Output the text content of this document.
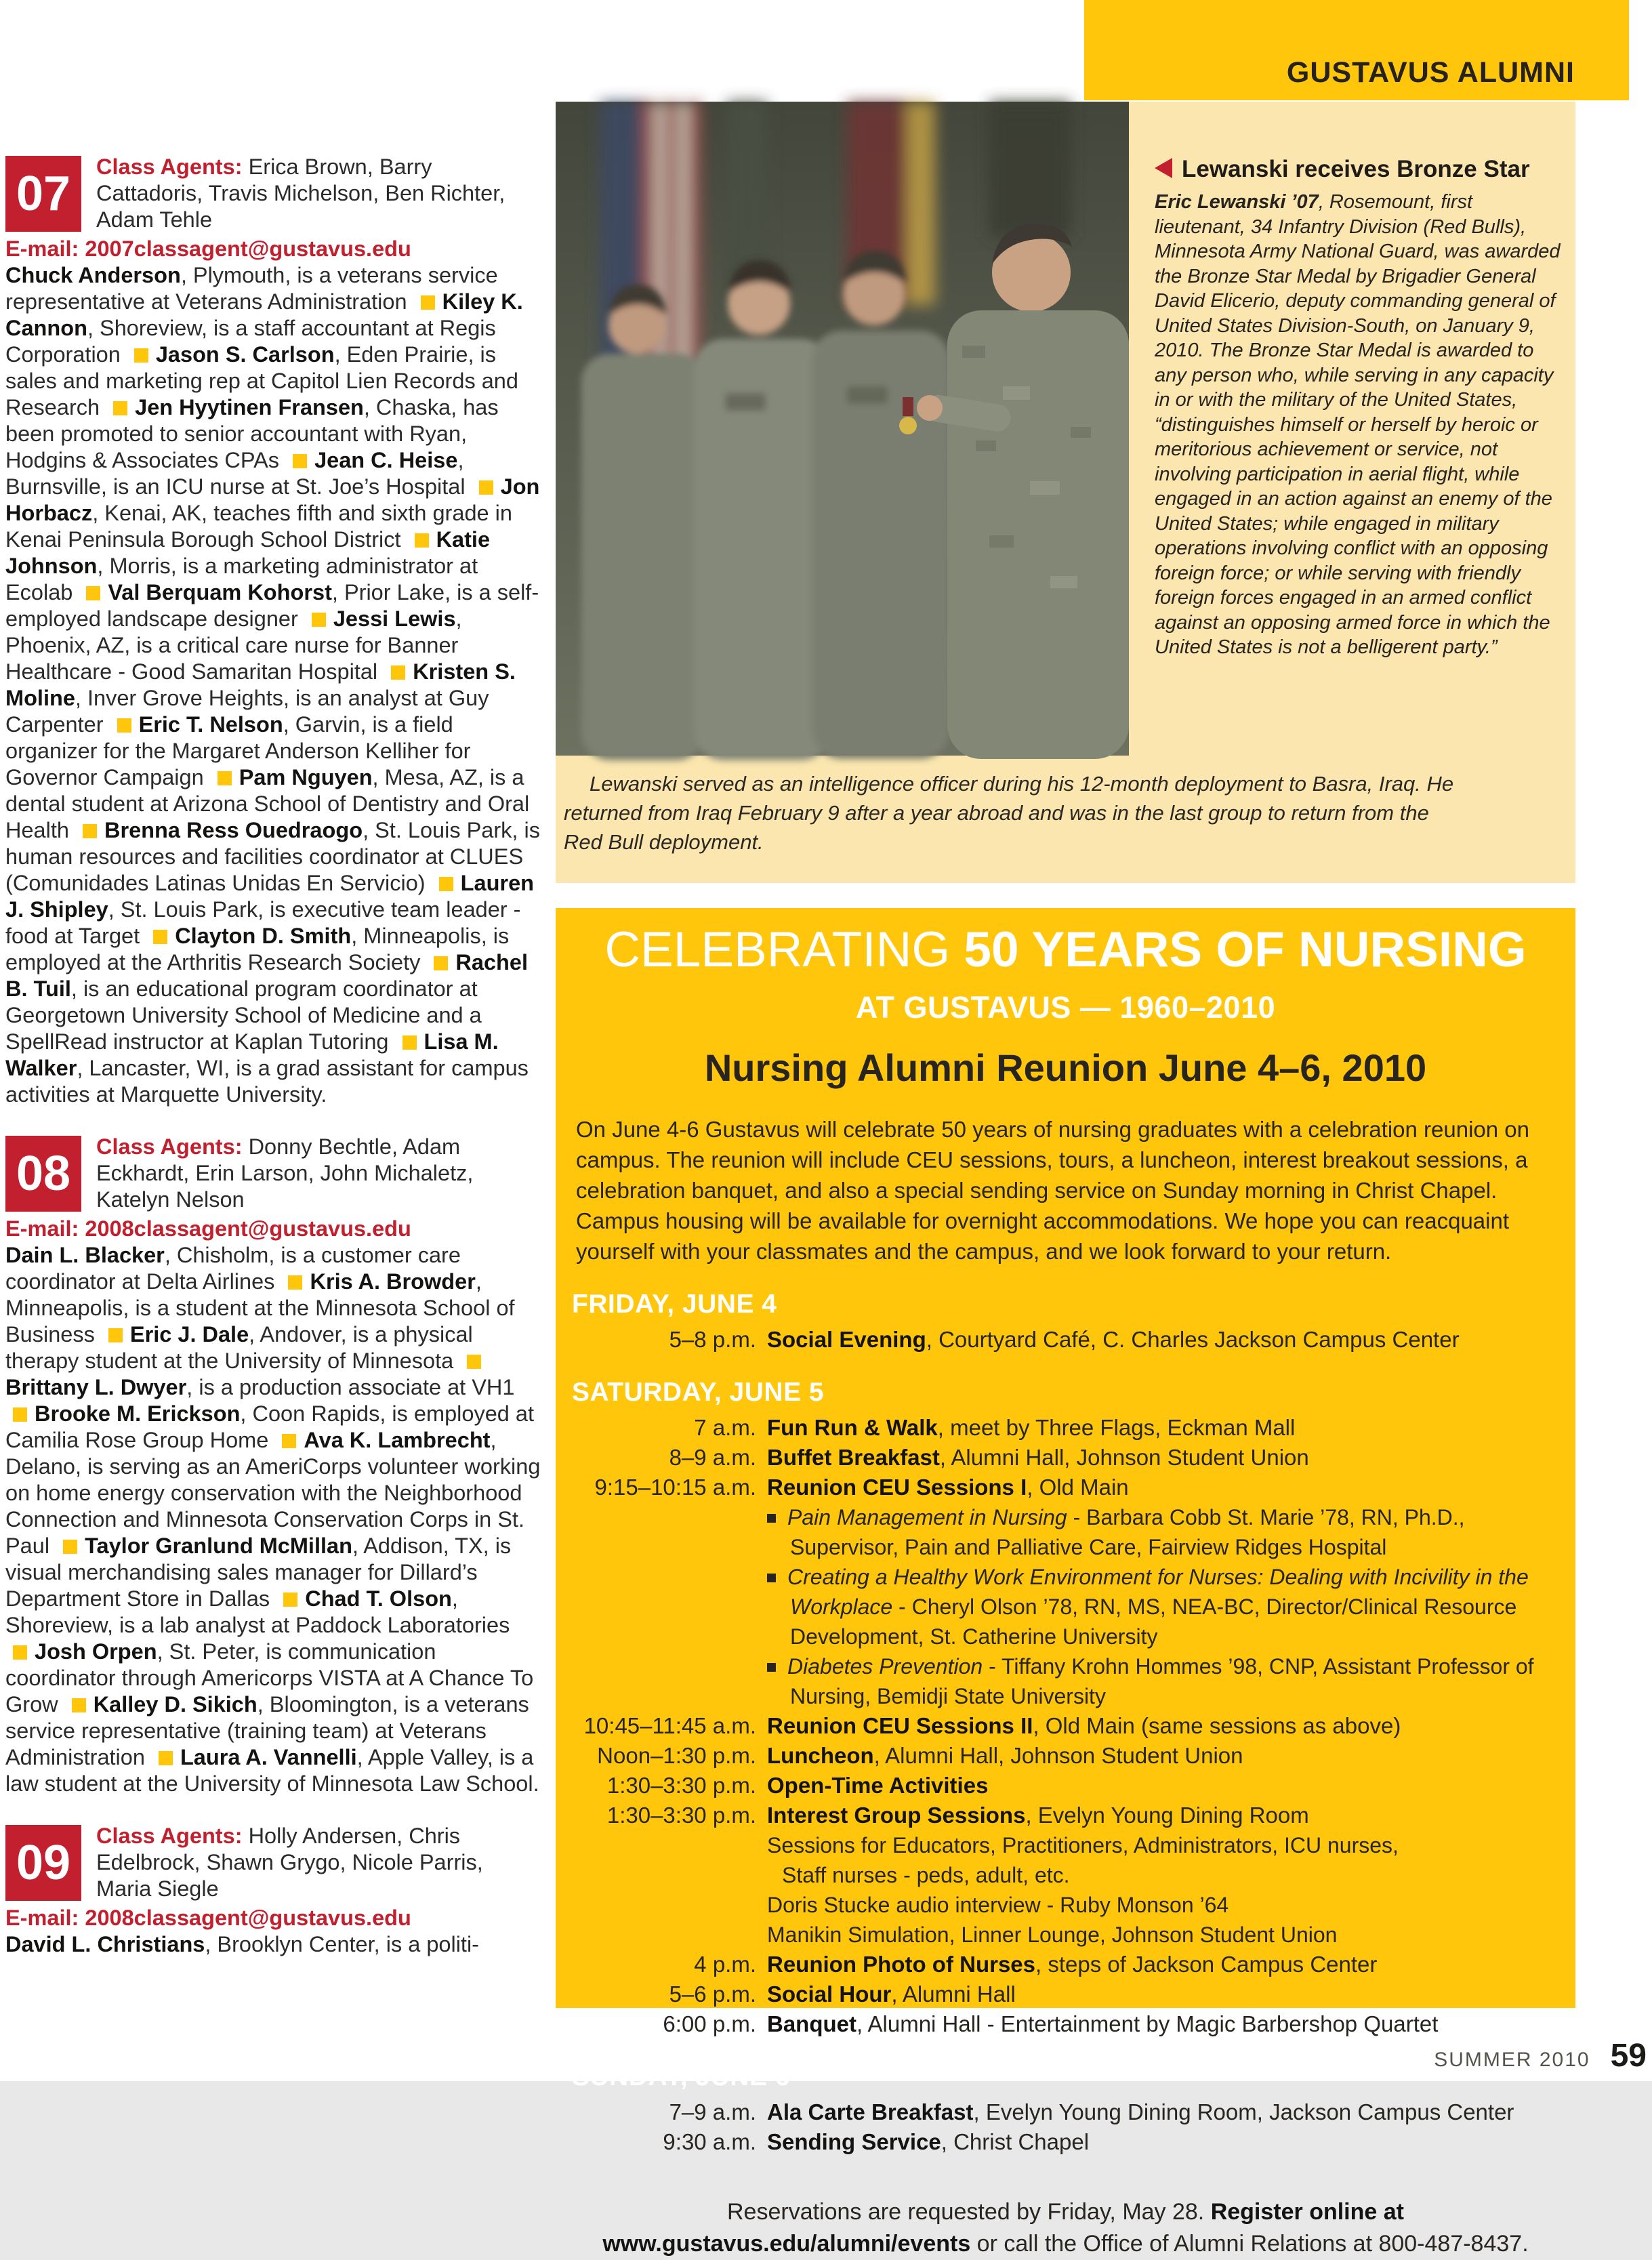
GUSTAVUS ALUMNI
07	Class Agents: Erica Brown, Barry Cattadoris, Travis Michelson, Ben Richter, Adam Tehle

E-mail: 2007classagent@gustavus.edu

Chuck Anderson, Plymouth, is a veterans service representative at Veterans Administration Kiley K. Cannon, Shoreview, is a staff accountant at Regis Corporation Jason S. Carlson, Eden Prairie, is sales and marketing rep at Capitol Lien Records and Research Jen Hyytinen Fransen, Chaska, has been promoted to senior accountant with Ryan, Hodgins & Associates CPAs Jean C. Heise, Burnsville, is an ICU nurse at St. Joe’s Hospital Jon Horbacz, Kenai, AK, teaches fifth and sixth grade in Kenai Peninsula Borough School District Katie Johnson, Morris, is a marketing administrator at Ecolab Val Berquam Kohorst, Prior Lake, is a self-employed landscape designer Jessi Lewis, Phoenix, AZ, is a critical care nurse for Banner Healthcare - Good Samaritan Hospital Kristen S. Moline, Inver Grove Heights, is an analyst at Guy Carpenter Eric T. Nelson, Garvin, is a field organizer for the Margaret Anderson Kelliher for Governor Campaign Pam Nguyen, Mesa, AZ, is a dental student at Arizona School of Dentistry and Oral Health Brenna Ress Ouedraogo, St. Louis Park, is human resources and facilities coordinator at CLUES (Comunidades Latinas Unidas En Servicio) Lauren J. Shipley, St. Louis Park, is executive team leader - food at Target Clayton D. Smith, Minneapolis, is employed at the Arthritis Research Society Rachel B. Tuil, is an educational program coordinator at Georgetown University School of Medicine and a SpellRead instructor at Kaplan Tutoring Lisa M. Walker, Lancaster, WI, is a grad assistant for campus activities at Marquette University.

08	Class Agents: Donny Bechtle, Adam Eckhardt, Erin Larson, John Michaletz, Katelyn Nelson

E-mail: 2008classagent@gustavus.edu

Dain L. Blacker, Chisholm, is a customer care coordinator at Delta Airlines Kris A. Browder, Minneapolis, is a student at the Minnesota School of Business Eric J. Dale, Andover, is a physical therapy student at the University of Minnesota Brittany L. Dwyer, is a production associate at VH1 Brooke M. Erickson, Coon Rapids, is employed at Camilia Rose Group Home Ava K. Lambrecht, Delano, is serving as an AmeriCorps volunteer working on home energy conservation with the Neighborhood Connection and Minnesota Conservation Corps in St. Paul Taylor Granlund McMillan, Addison, TX, is visual merchandising sales manager for Dillard’s Department Store in Dallas Chad T. Olson, Shoreview, is a lab analyst at Paddock Laboratories Josh Orpen, St. Peter, is communication coordinator through Americorps VISTA at A Chance To Grow Kalley D. Sikich, Bloomington, is a veterans service representative (training team) at Veterans Administration Laura A. Vannelli, Apple Valley, is a law student at the University of Minnesota Law School.

09	Class Agents: Holly Andersen, Chris Edelbrock, Shawn Grygo, Nicole Parris, Maria Siegle

E-mail: 2008classagent@gustavus.edu

David L. Christians, Brooklyn Center, is a politi-

Lewanski receives Bronze Star

Eric Lewanski ’07, Rosemount, first lieutenant, 34 Infantry Division (Red Bulls), Minnesota Army National Guard, was awarded the Bronze Star Medal by Brigadier General David Elicerio, deputy commanding general of United States Division-South, on January 9, 2010. The Bronze Star Medal is awarded to any person who, while serving in any capacity in or with the military of the United States, “distinguishes himself or herself by heroic or meritorious achievement or service, not involving participation in aerial flight, while engaged in an action against an enemy of the United States; while engaged in military operations involving conflict with an opposing foreign force; or while serving with friendly foreign forces engaged in an armed conflict against an opposing armed force in which the United States is not a belligerent party.”

Lewanski served as an intelligence officer during his 12-month deployment to Basra, Iraq. He returned from Iraq February 9 after a year abroad and was in the last group to return from the Red Bull deployment.

CELEBRATING 50 YEARS OF NURSING
AT GUSTAVUS — 1960–2010
Nursing Alumni Reunion June 4–6, 2010

On June 4-6 Gustavus will celebrate 50 years of nursing graduates with a celebration reunion on campus. The reunion will include CEU sessions, tours, a luncheon, interest breakout sessions, a celebration banquet, and also a special sending service on Sunday morning in Christ Chapel. Campus housing will be available for overnight accommodations. We hope you can reacquaint yourself with your classmates and the campus, and we look forward to your return.

FRIDAY, JUNE 4
5–8 p.m. Social Evening, Courtyard Café, C. Charles Jackson Campus Center
SATURDAY, JUNE 5
7 a.m. Fun Run & Walk, meet by Three Flags, Eckman Mall
8–9 a.m. Buffet Breakfast, Alumni Hall, Johnson Student Union
9:15–10:15 a.m. Reunion CEU Sessions I, Old Main
Pain Management in Nursing - Barbara Cobb St. Marie ’78, RN, Ph.D., Supervisor, Pain and Palliative Care, Fairview Ridges Hospital
Creating a Healthy Work Environment for Nurses: Dealing with Incivility in the Workplace - Cheryl Olson ’78, RN, MS, NEA-BC, Director/Clinical Resource Development, St. Catherine University
Diabetes Prevention - Tiffany Krohn Hommes ’98, CNP, Assistant Professor of Nursing, Bemidji State University
10:45–11:45 a.m. Reunion CEU Sessions II, Old Main (same sessions as above)
Noon–1:30 p.m. Luncheon, Alumni Hall, Johnson Student Union
1:30–3:30 p.m. Open-Time Activities
1:30–3:30 p.m. Interest Group Sessions, Evelyn Young Dining Room
Sessions for Educators, Practitioners, Administrators, ICU nurses,
Staff nurses - peds, adult, etc.
Doris Stucke audio interview - Ruby Monson ’64
Manikin Simulation, Linner Lounge, Johnson Student Union
4 p.m. Reunion Photo of Nurses, steps of Jackson Campus Center
5–6 p.m. Social Hour, Alumni Hall
6:00 p.m. Banquet, Alumni Hall - Entertainment by Magic Barbershop Quartet
SUNDAY, JUNE 6
7–9 a.m. Ala Carte Breakfast, Evelyn Young Dining Room, Jackson Campus Center
9:30 a.m. Sending Service, Christ Chapel

Reservations are requested by Friday, May 28. Register online at

www.gustavus.edu/alumni/events or call the Office of Alumni Relations at 800-487-8437.

SUMMER 2010 59
